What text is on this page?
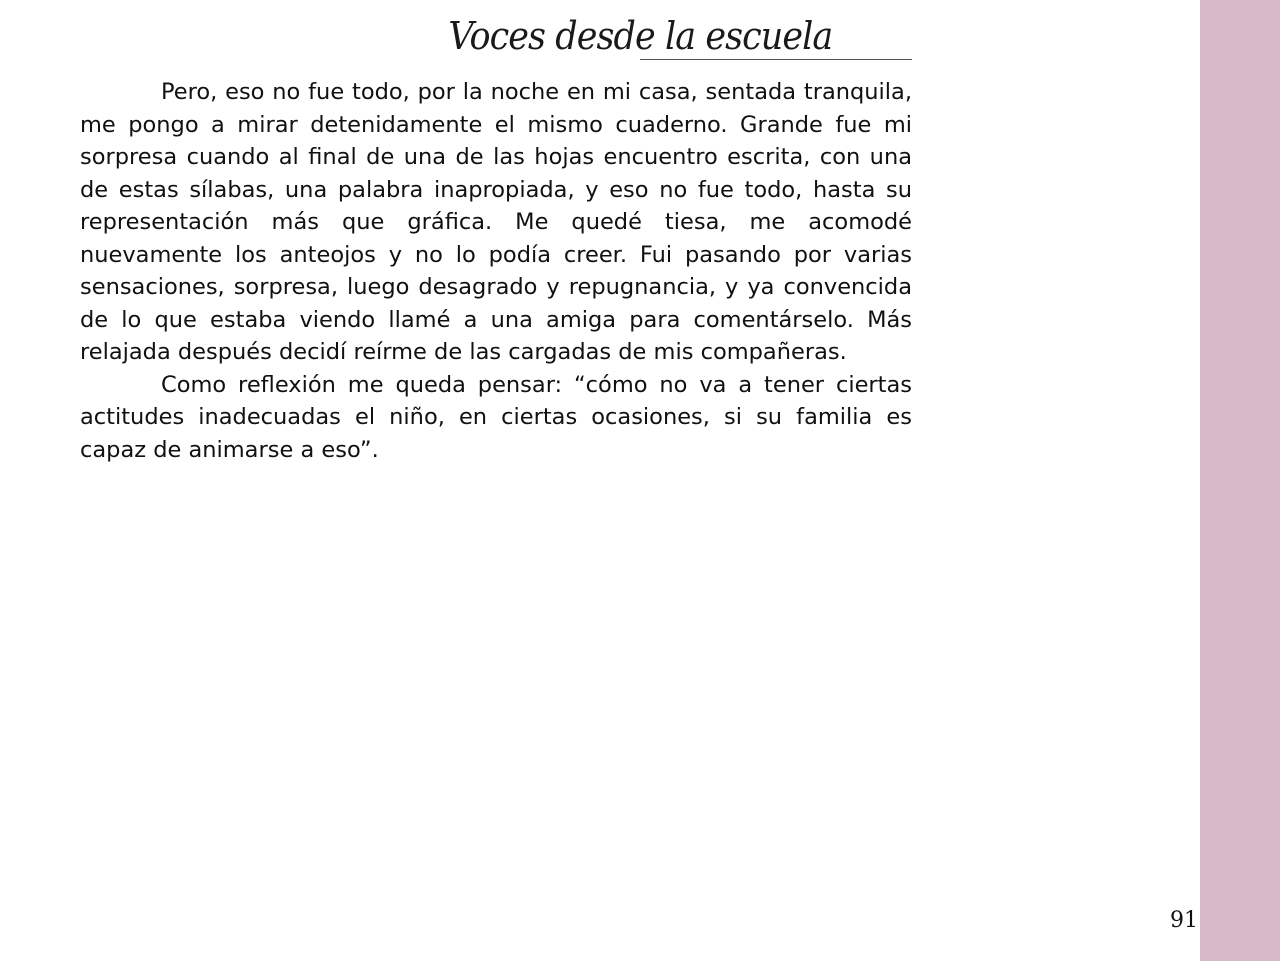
Voces desde la escuela

Pero, eso no fue todo, por la noche en mi casa, sentada tranquila, me pongo a mirar detenidamente el mismo cuaderno. Grande fue mi sorpresa cuando al final de una de las hojas encuentro escrita, con una de estas sílabas, una palabra inapropiada, y eso no fue todo, hasta su representación más que gráfica. Me quedé tiesa, me acomodé nuevamente los anteojos y no lo podía creer. Fui pasando por varias sensaciones, sorpresa, luego desagrado y repugnancia, y ya convencida de lo que estaba viendo llamé a una amiga para comentárselo. Más relajada después decidí reírme de las cargadas de mis compañeras.

Como reflexión me queda pensar: “cómo no va a tener ciertas actitudes inadecuadas el niño, en ciertas ocasiones, si su familia es capaz de animarse a eso”.

91
